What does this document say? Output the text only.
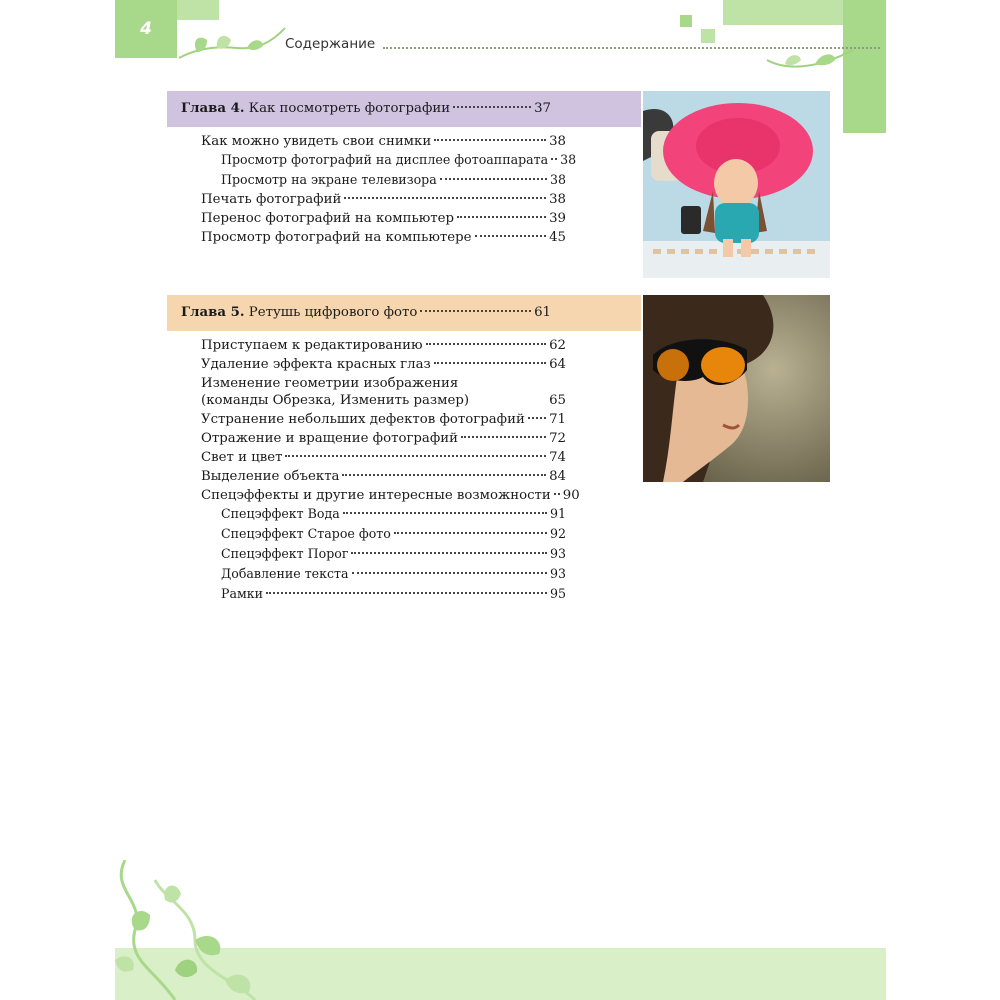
4
Содержание
Глава 4. Как посмотреть фотографии	37
Как можно увидеть свои снимки	38
Просмотр фотографий на дисплее фотоаппарата 38
Просмотр на экране телевизора	38
Печать фотографий	38
Перенос фотографий на компьютер	39
Просмотр фотографий на компьютере	45
Глава 5. Ретушь цифрового фото	61
Приступаем к редактированию	62
Удаление эффекта красных глаз	64
Изменение геометрии изображения
(команды Обрезка, Изменить размер)	65
Устранение небольших дефектов фотографий 71
Отражение и вращение фотографий	72
Свет и цвет	74
Выделение объекта	84
Спецэффекты и другие интересные возможности 90
Спецэффект Вода	91
Спецэффект Старое фото	92
Спецэффект Порог	93
Добавление текста	93
Рамки	95
